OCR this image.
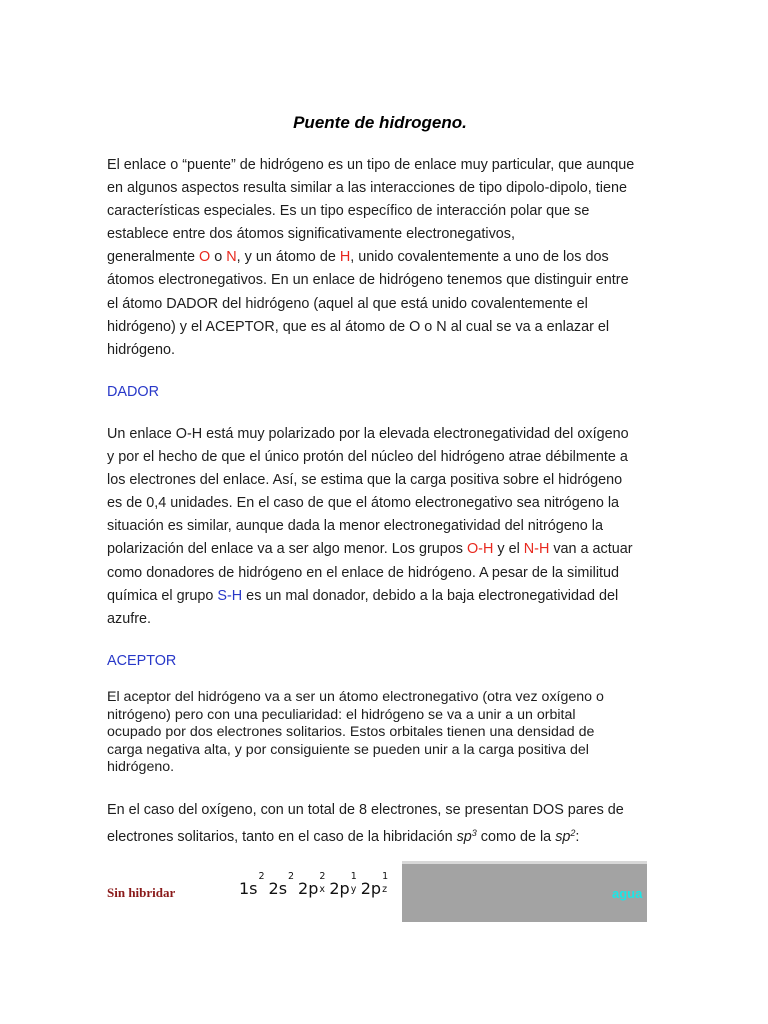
Puente de hidrogeno.
El enlace o “puente” de hidrógeno es un tipo de enlace muy particular, que aunque
en algunos aspectos resulta similar a las interacciones de tipo dipolo-dipolo, tiene
características especiales. Es un tipo específico de interacción polar que se
establece entre dos átomos significativamente electronegativos,
generalmente O o N, y un átomo de H, unido covalentemente a uno de los dos
átomos electronegativos. En un enlace de hidrógeno tenemos que distinguir entre
el átomo DADOR del hidrógeno (aquel al que está unido covalentemente el
hidrógeno) y el ACEPTOR, que es al átomo de O o N al cual se va a enlazar el
hidrógeno.
DADOR
Un enlace O-H está muy polarizado por la elevada electronegatividad del oxígeno
y por el hecho de que el único protón del núcleo del hidrógeno atrae débilmente a
los electrones del enlace. Así, se estima que la carga positiva sobre el hidrógeno
es de 0,4 unidades. En el caso de que el átomo electronegativo sea nitrógeno la
situación es similar, aunque dada la menor electronegatividad del nitrógeno la
polarización del enlace va a ser algo menor. Los grupos O-H y el N-H van a actuar
como donadores de hidrógeno en el enlace de hidrógeno. A pesar de la similitud
química el grupo S-H es un mal donador, debido a la baja electronegatividad del
azufre.
ACEPTOR
El aceptor del hidrógeno va a ser un átomo electronegativo (otra vez oxígeno o
nitrógeno) pero con una peculiaridad: el hidrógeno se va a unir a un orbital
ocupado por dos electrones solitarios. Estos orbitales tienen una densidad de
carga negativa alta, y por consiguiente se pueden unir a la carga positiva del
hidrógeno.
En el caso del oxígeno, con un total de 8 electrones, se presentan DOS pares de
electrones solitarios, tanto en el caso de la hibridación $sp^3$ como de la $sp^2$:
Sin hibridar	1s
2
2s
2
2p
2
x 2p
1
y 2p
1
z	agua
